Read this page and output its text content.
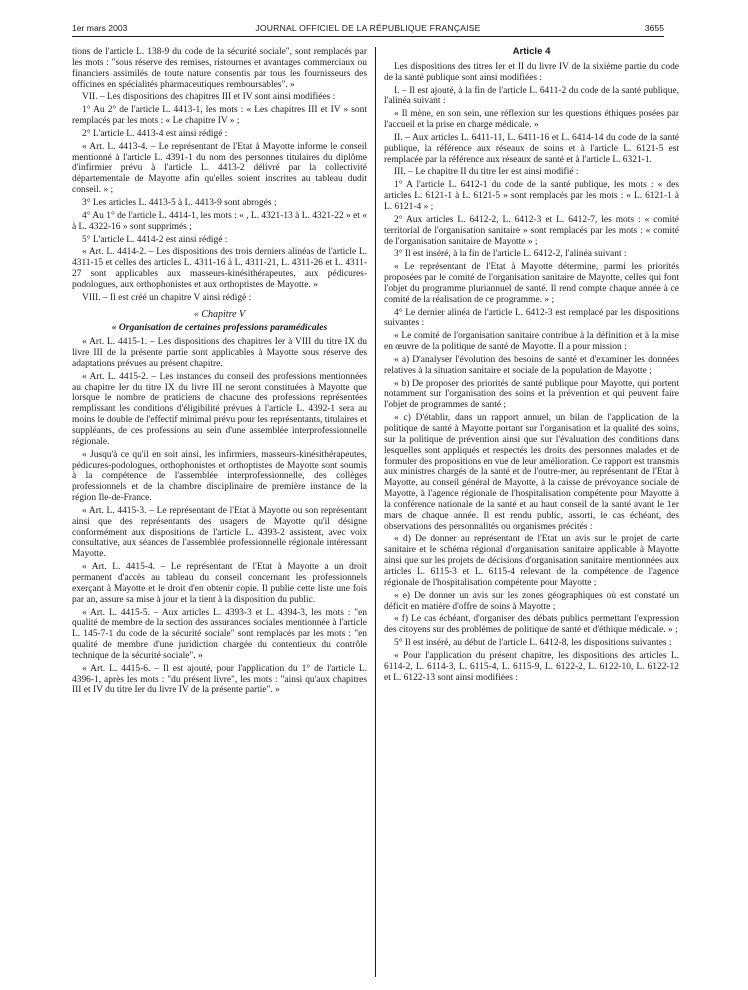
1er mars 2003	JOURNAL OFFICIEL DE LA RÉPUBLIQUE FRANÇAISE	3655

tions de l'article L. 138-9 du code de la sécurité sociale", sont remplacés par les mots : "sous réserve des remises, ristournes et avantages commerciaux ou financiers assimilés de toute nature consentis par tous les fournisseurs des officines en spécialités pharmaceutiques remboursables". »

VII. – Les dispositions des chapitres III et IV sont ainsi modifiées :

1° Au 2° de l'article L. 4413-1, les mots : « Les chapitres III et IV » sont remplacés par les mots : « Le chapitre IV » ;

2° L'article L. 4413-4 est ainsi rédigé :

« Art. L. 4413-4. – Le représentant de l'Etat à Mayotte informe le conseil mentionné à l'article L. 4391-1 du nom des personnes titulaires du diplôme d'infirmier prévu à l'article L. 4413-2 délivré par la collectivité départementale de Mayotte afin qu'elles soient inscrites au tableau dudit conseil. » ;

3° Les articles L. 4413-5 à L. 4413-9 sont abrogés ;

4° Au 1° de l'article L. 4414-1, les mots : « , L. 4321-13 à L. 4321-22 » et « à L. 4322-16 » sont supprimés ;

5° L'article L. 4414-2 est ainsi rédigé :

« Art. L. 4414-2. – Les dispositions des trois derniers alinéas de l'article L. 4311-15 et celles des articles L. 4311-16 à L. 4311-21, L. 4311-26 et L. 4311-27 sont applicables aux masseurs-kinésithérapeutes, aux pédicures-podologues, aux orthophonistes et aux orthoptistes de Mayotte. »

VIII. – Il est créé un chapitre V ainsi rédigé :

« Chapitre V

« Organisation de certaines professions paramédicales

« Art. L. 4415-1. – Les dispositions des chapitres Ier à VIII du titre IX du livre III de la présente partie sont applicables à Mayotte sous réserve des adaptations prévues au présent chapitre.

« Art. L. 4415-2. – Les instances du conseil des professions mentionnées au chapitre Ier du titre IX du livre III ne seront constituées à Mayotte que lorsque le nombre de praticiens de chacune des professions représentées remplissant les conditions d'éligibilité prévues à l'article L. 4392-1 sera au moins le double de l'effectif minimal prévu pour les représentants, titulaires et suppléants, de ces professions au sein d'une assemblée interprofessionnelle régionale.

« Jusqu'à ce qu'il en soit ainsi, les infirmiers, masseurs-kinésithérapeutes, pédicures-podologues, orthophonistes et orthoptistes de Mayotte sont soumis à la compétence de l'assemblée interprofessionnelle, des collèges professionnels et de la chambre disciplinaire de première instance de la région Ile-de-France.

« Art. L. 4415-3. – Le représentant de l'Etat à Mayotte ou son représentant ainsi que des représentants des usagers de Mayotte qu'il désigne conformément aux dispositions de l'article L. 4393-2 assistent, avec voix consultative, aux séances de l'assemblée professionnelle régionale intéressant Mayotte.

« Art. L. 4415-4. – Le représentant de l'Etat à Mayotte a un droit permanent d'accès au tableau du conseil concernant les professionnels exerçant à Mayotte et le droit d'en obtenir copie. Il publie cette liste une fois par an, assure sa mise à jour et la tient à la disposition du public.

« Art. L. 4415-5. – Aux articles L. 4393-3 et L. 4394-3, les mots : "en qualité de membre de la section des assurances sociales mentionnée à l'article L. 145-7-1 du code de la sécurité sociale" sont remplacés par les mots : "en qualité de membre d'une juridiction chargée du contentieux du contrôle technique de la sécurité sociale". »

« Art. L. 4415-6. – Il est ajouté, pour l'application du 1° de l'article L. 4396-1, après les mots : "du présent livre", les mots : "ainsi qu'aux chapitres III et IV du titre Ier du livre IV de la présente partie". »

Article 4

Les dispositions des titres Ier et II du livre IV de la sixième partie du code de la santé publique sont ainsi modifiées :

I. – Il est ajouté, à la fin de l'article L. 6411-2 du code de la santé publique, l'alinéa suivant :

« Il mène, en son sein, une réflexion sur les questions éthiques posées par l'accueil et la prise en charge médicale. »

II. – Aux articles L. 6411-11, L. 6411-16 et L. 6414-14 du code de la santé publique, la référence aux réseaux de soins et à l'article L. 6121-5 est remplacée par la référence aux réseaux de santé et à l'article L. 6321-1.

III. – Le chapitre II du titre Ier est ainsi modifié :

1° A l'article L. 6412-1 du code de la santé publique, les mots : « des articles L. 6121-1 à L. 6121-5 » sont remplacés par les mots : « L. 6121-1 à L. 6121-4 » ;

2° Aux articles L. 6412-2, L. 6412-3 et L. 6412-7, les mots : « comité territorial de l'organisation sanitaire » sont remplacés par les mots : « comité de l'organisation sanitaire de Mayotte » ;

3° Il est inséré, à la fin de l'article L. 6412-2, l'alinéa suivant :

« Le représentant de l'Etat à Mayotte détermine, parmi les priorités proposées par le comité de l'organisation sanitaire de Mayotte, celles qui font l'objet du programme pluriannuel de santé. Il rend compte chaque année à ce comité de la réalisation de ce programme. » ;

4° Le dernier alinéa de l'article L. 6412-3 est remplacé par les dispositions suivantes :

« Le comité de l'organisation sanitaire contribue à la définition et à la mise en œuvre de la politique de santé de Mayotte. Il a pour mission :

« a) D'analyser l'évolution des besoins de santé et d'examiner les données relatives à la situation sanitaire et sociale de la population de Mayotte ;

« b) De proposer des priorités de santé publique pour Mayotte, qui portent notamment sur l'organisation des soins et la prévention et qui peuvent faire l'objet de programmes de santé ;

« c) D'établir, dans un rapport annuel, un bilan de l'application de la politique de santé à Mayotte portant sur l'organisation et la qualité des soins, sur la politique de prévention ainsi que sur l'évaluation des conditions dans lesquelles sont appliqués et respectés les droits des personnes malades et de formuler des propositions en vue de leur amélioration. Ce rapport est transmis aux ministres chargés de la santé et de l'outre-mer, au représentant de l'Etat à Mayotte, au conseil général de Mayotte, à la caisse de prévoyance sociale de Mayotte, à l'agence régionale de l'hospitalisation compétente pour Mayotte à la conférence nationale de la santé et au haut conseil de la santé avant le 1er mars de chaque année. Il est rendu public, assorti, le cas échéant, des observations des personnalités ou organismes précités :

« d) De donner au représentant de l'Etat un avis sur le projet de carte sanitaire et le schéma régional d'organisation sanitaire applicable à Mayotte ainsi que sur les projets de décisions d'organisation sanitaire mentionnées aux articles L. 6115-3 et L. 6115-4 relevant de la compétence de l'agence régionale de l'hospitalisation compétente pour Mayotte ;

« e) De donner un avis sur les zones géographiques où est constaté un déficit en matière d'offre de soins à Mayotte ;

« f) Le cas échéant, d'organiser des débats publics permettant l'expression des citoyens sur des problèmes de politique de santé et d'éthique médicale. » ;

5° Il est inséré, au début de l'article L. 6412-8, les dispositions suivantes :

« Pour l'application du présent chapitre, les dispositions des articles L. 6114-2, L. 6114-3, L. 6115-4, L. 6115-9, L. 6122-2, L. 6122-10, L. 6122-12 et L. 6122-13 sont ainsi modifiées :
